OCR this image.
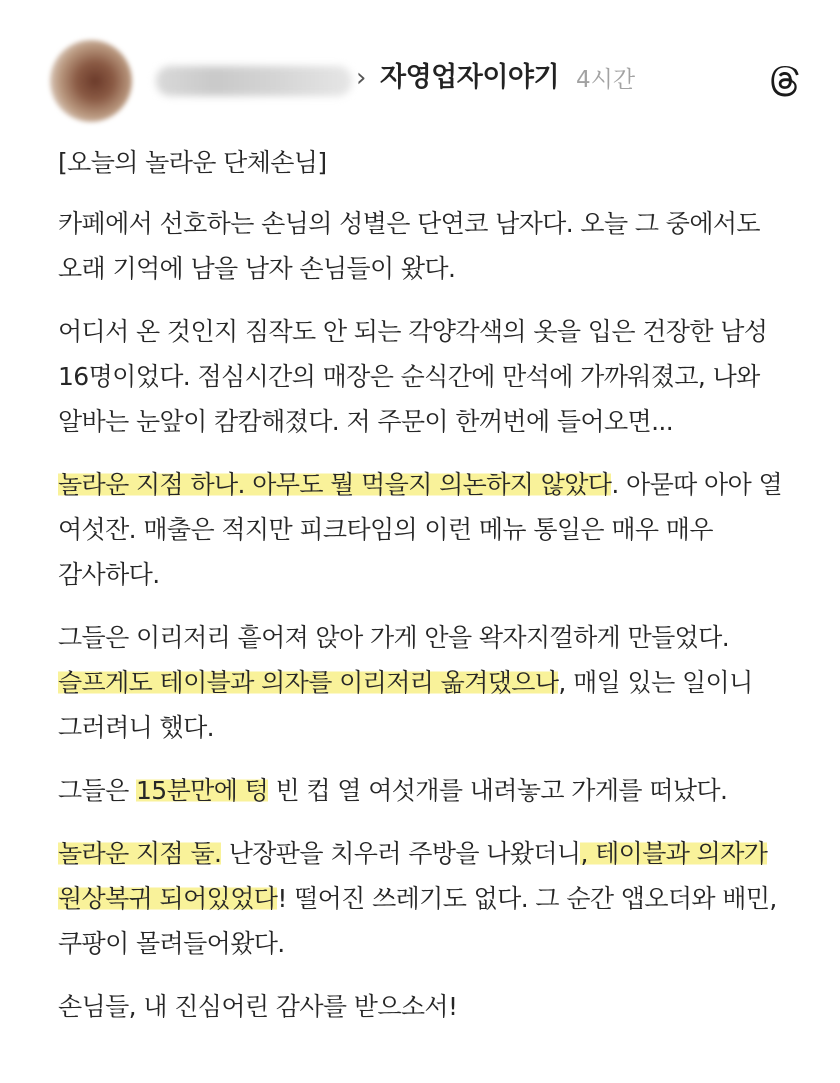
› 자영업자이야기 4시간

[오늘의 놀라운 단체손님]

카페에서 선호하는 손님의 성별은 단연코 남자다. 오늘 그 중에서도 오래 기억에 남을 남자 손님들이 왔다.

어디서 온 것인지 짐작도 안 되는 각양각색의 옷을 입은 건장한 남성 16명이었다. 점심시간의 매장은 순식간에 만석에 가까워졌고, 나와 알바는 눈앞이 캄캄해졌다. 저 주문이 한꺼번에 들어오면...

놀라운 지점 하나. 아무도 뭘 먹을지 의논하지 않았다. 아묻따 아아 열 여섯잔. 매출은 적지만 피크타임의 이런 메뉴 통일은 매우 매우 감사하다.

그들은 이리저리 흩어져 앉아 가게 안을 왁자지껄하게 만들었다. 슬프게도 테이블과 의자를 이리저리 옮겨댔으나, 매일 있는 일이니 그러려니 했다.

그들은 15분만에 텅 빈 컵 열 여섯개를 내려놓고 가게를 떠났다.

놀라운 지점 둘. 난장판을 치우러 주방을 나왔더니, 테이블과 의자가 원상복귀 되어있었다! 떨어진 쓰레기도 없다. 그 순간 앱오더와 배민, 쿠팡이 몰려들어왔다.

손님들, 내 진심어린 감사를 받으소서!
